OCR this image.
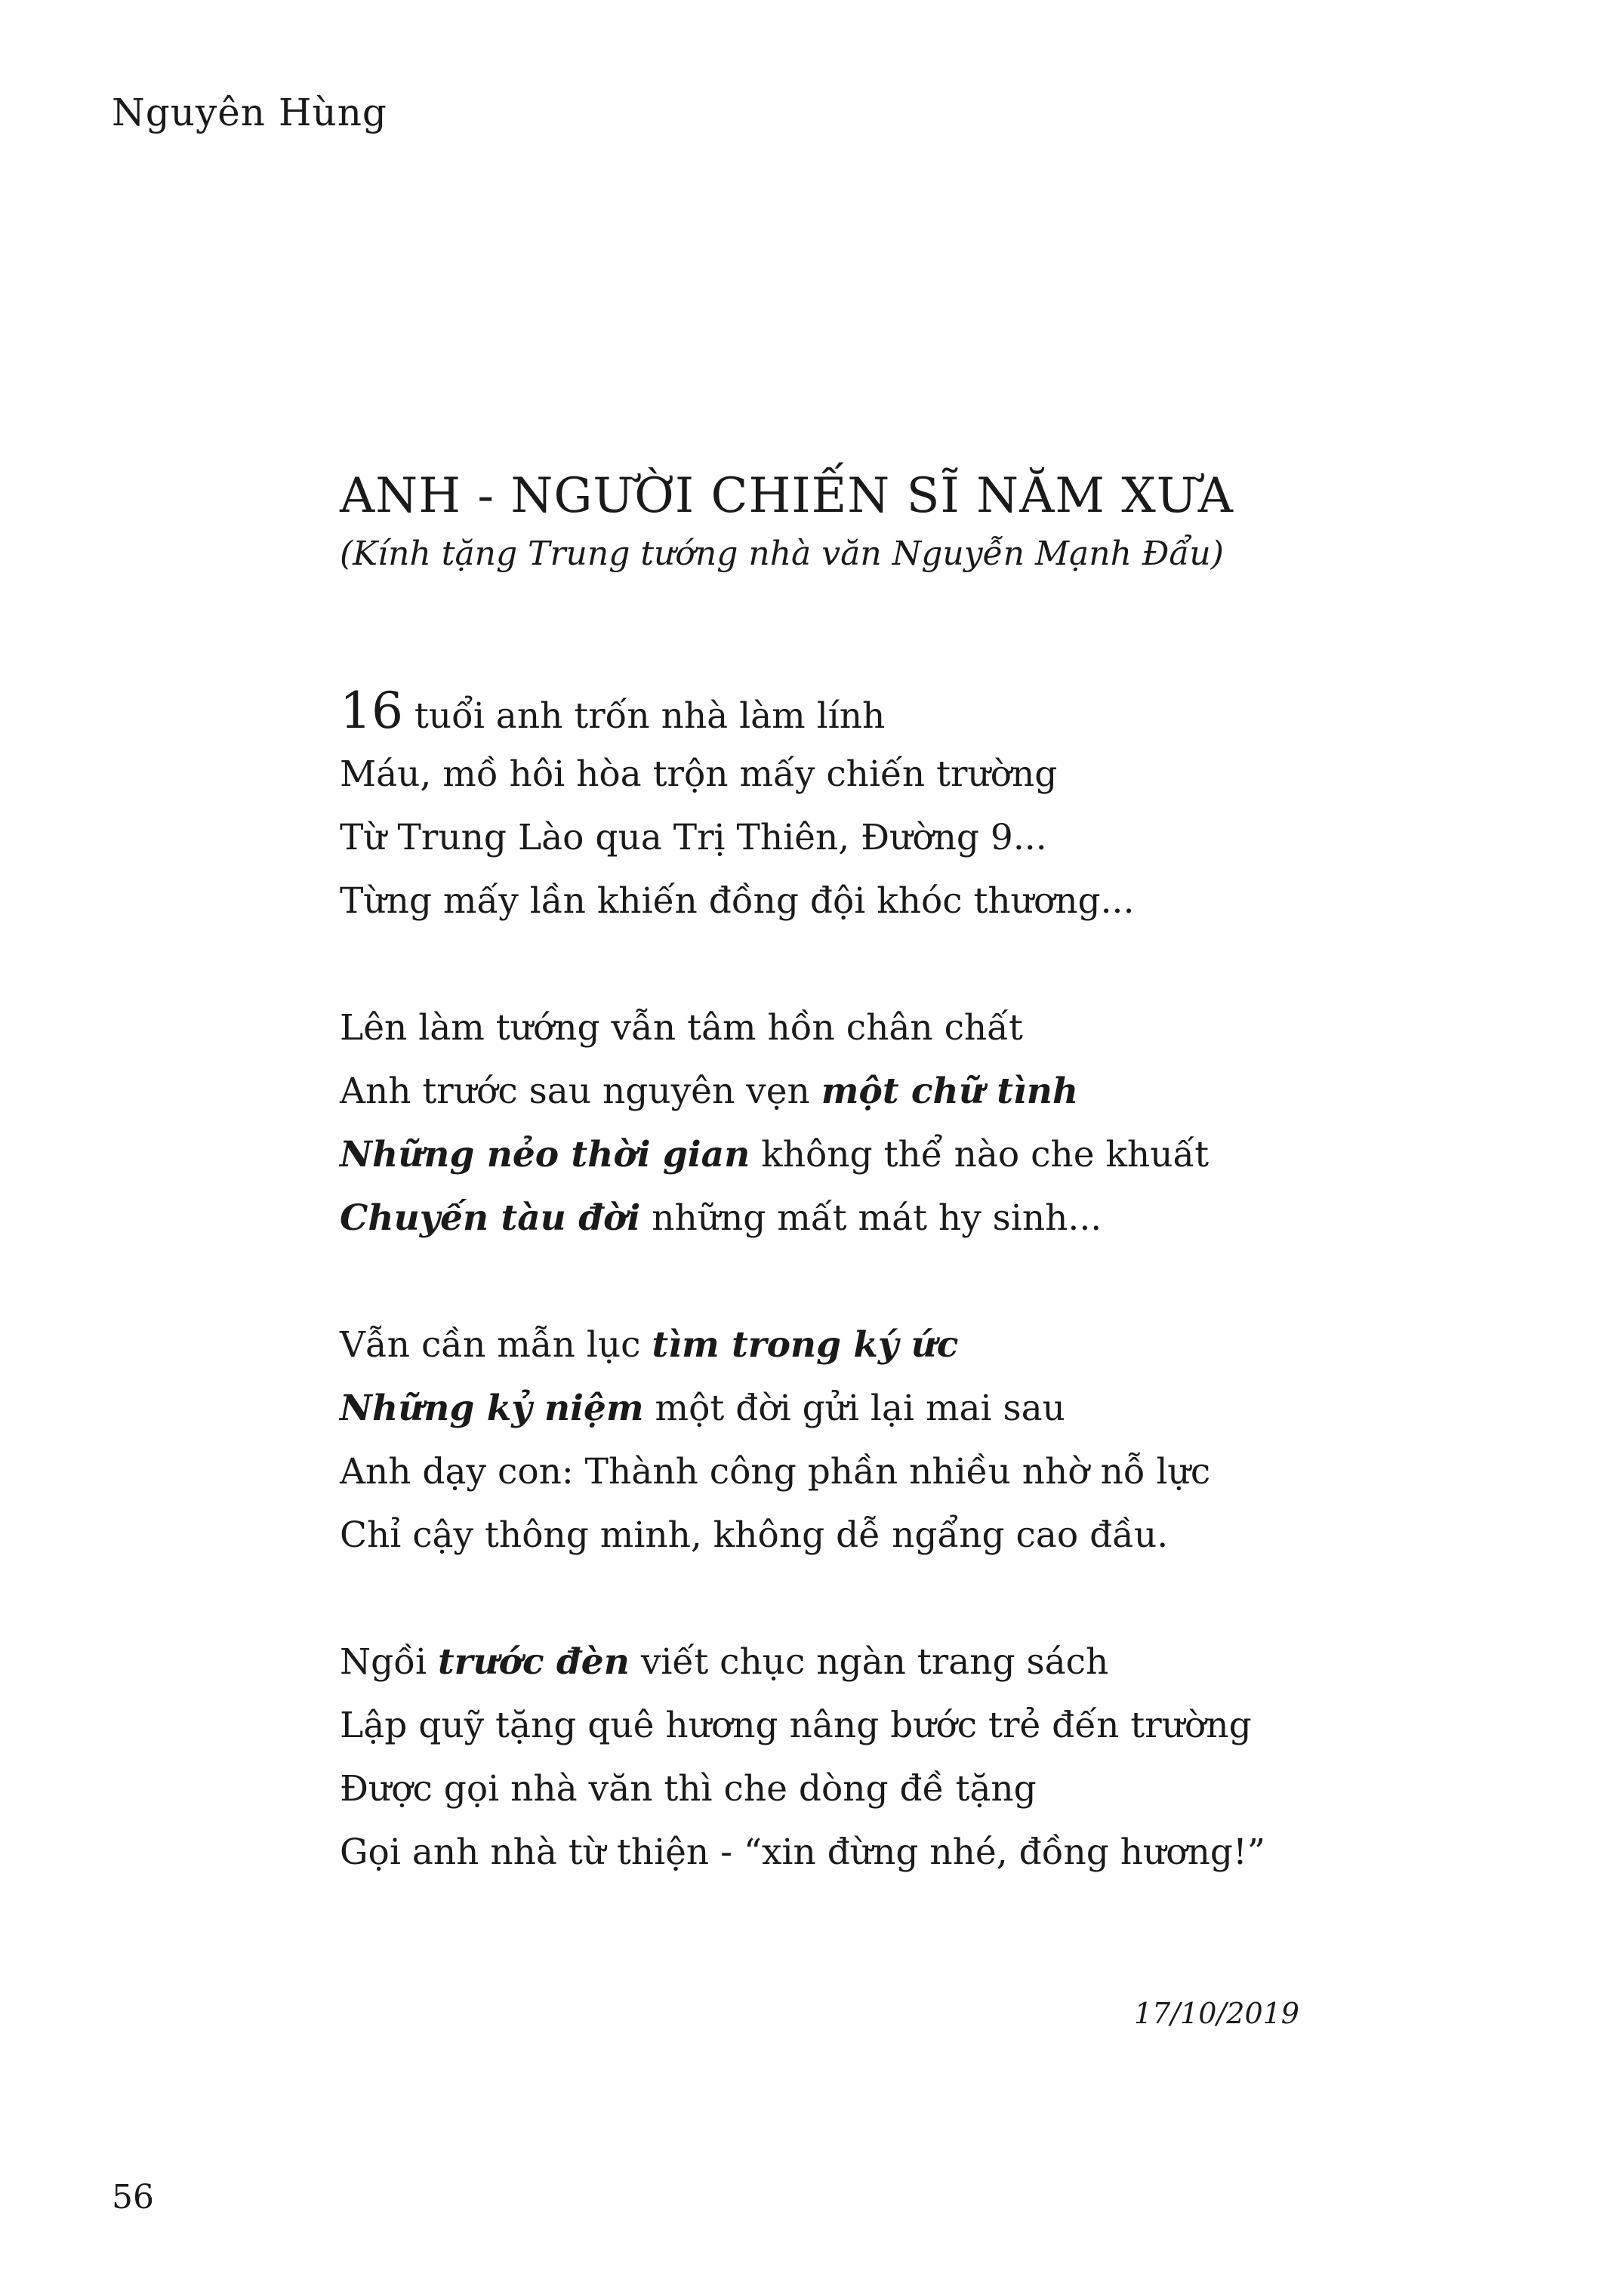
Nguyên Hùng
ANH - NGƯỜI CHIẾN SĨ NĂM XƯA
(Kính tặng Trung tướng nhà văn Nguyễn Mạnh Đẩu)
16 tuổi anh trốn nhà làm lính
Máu, mồ hôi hòa trộn mấy chiến trường
Từ Trung Lào qua Trị Thiên, Đường 9...
Từng mấy lần khiến đồng đội khóc thương...
Lên làm tướng vẫn tâm hồn chân chất
Anh trước sau nguyên vẹn một chữ tình
Những nẻo thời gian không thể nào che khuất
Chuyến tàu đời những mất mát hy sinh...
Vẫn cần mẫn lục tìm trong ký ức
Những kỷ niệm một đời gửi lại mai sau
Anh dạy con: Thành công phần nhiều nhờ nỗ lực
Chỉ cậy thông minh, không dễ ngẩng cao đầu.
Ngồi trước đèn viết chục ngàn trang sách
Lập quỹ tặng quê hương nâng bước trẻ đến trường
Được gọi nhà văn thì che dòng đề tặng
Gọi anh nhà từ thiện - “xin đừng nhé, đồng hương!”
17/10/2019
56
